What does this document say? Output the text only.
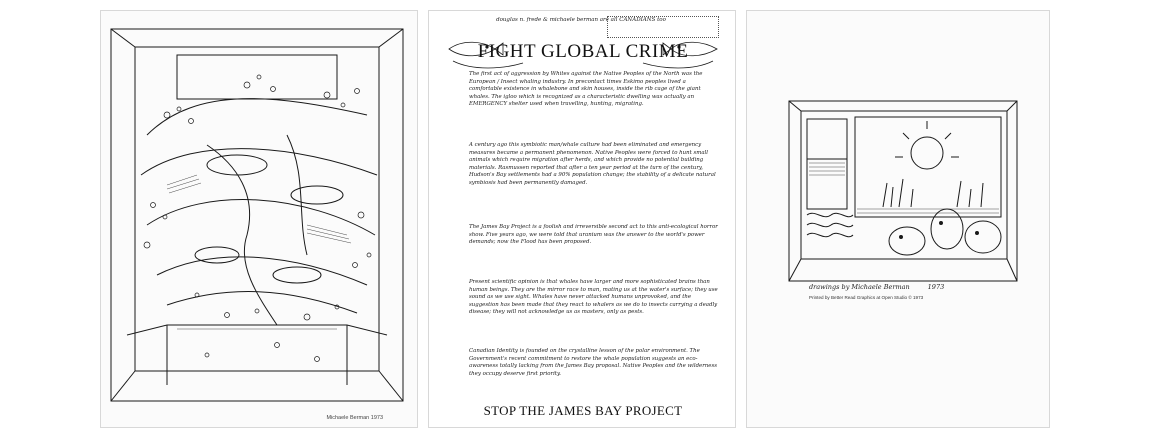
Michaele Berman 1973
douglas n. frede & michaele berman are all CANADIANS too
FIGHT GLOBAL CRIME

The first act of aggression by Whites against the Native Peoples of the North was the European / Insect whaling industry. In precontact times Eskimo peoples lived a comfortable existence in whalebone and skin houses, inside the rib cage of the giant whales. The igloo which is recognized as a characteristic dwelling was actually an EMERGENCY shelter used when travelling, hunting, migrating.

A century ago this symbiotic man/whale culture had been eliminated and emergency measures became a permanent phenomenon. Native Peoples were forced to hunt small animals which require migration after herds, and which provide no potential building materials. Rasmussen reported that after a ten year period at the turn of the century, Hudson's Bay settlements had a 90% population change; the stability of a delicate natural symbiosis had been permanently damaged.

The James Bay Project is a foolish and irreversible second act to this anti-ecological horror show. Five years ago, we were told that uranium was the answer to the world's power demands; now the Flood has been proposed.

Present scientific opinion is that whales have larger and more sophisticated brains than human beings. They are the mirror race to man, mating us at the water's surface; they use sound as we use sight. Whales have never attacked humans unprovoked, and the suggestion has been made that they react to whalers as we do to insects carrying a deadly disease; they will not acknowledge us as masters, only as pests.

Canadian Identity is founded on the crystalline lesson of the polar environment. The Government's recent commitment to restore the whale population suggests an eco-awareness totally lacking from the James Bay proposal. Native Peoples and the wilderness they occupy deserve first priority.

STOP THE JAMES BAY PROJECT
drawings by Michaele Berman	1973
Printed by Better Read Graphics at Open Studio © 1973
